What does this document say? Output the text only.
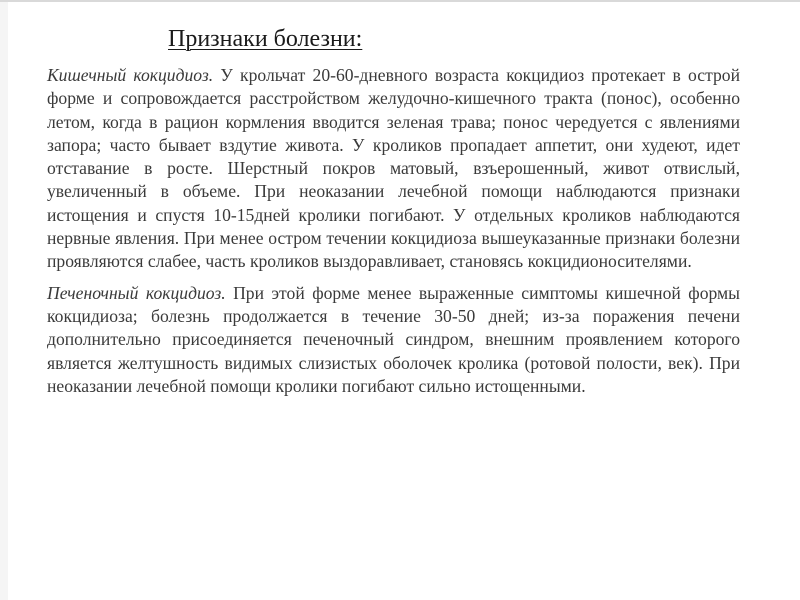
Признаки болезни:

Кишечный кокцидиоз. У крольчат 20-60-дневного возраста кокцидиоз протекает в острой форме и сопровождается расстройством желудочно-кишечного тракта (понос), особенно летом, когда в рацион кормления вводится зеленая трава; понос чередуется с явлениями запора; часто бывает вздутие живота. У кроликов пропадает аппетит, они худеют, идет отставание в росте. Шерстный покров матовый, взъерошенный, живот отвислый, увеличенный в объеме. При неоказании лечебной помощи наблюдаются признаки истощения и спустя 10-15дней кролики погибают. У отдельных кроликов наблюдаются нервные явления. При менее остром течении кокцидиоза вышеуказанные признаки болезни проявляются слабее, часть кроликов выздоравливает, становясь кокцидионосителями.

Печеночный кокцидиоз. При этой форме менее выраженные симптомы кишечной формы кокцидиоза; болезнь продолжается в течение 30-50 дней; из-за поражения печени дополнительно присоединяется печеночный синдром, внешним проявлением которого является желтушность видимых слизистых оболочек кролика (ротовой полости, век). При неоказании лечебной помощи кролики погибают сильно истощенными.
